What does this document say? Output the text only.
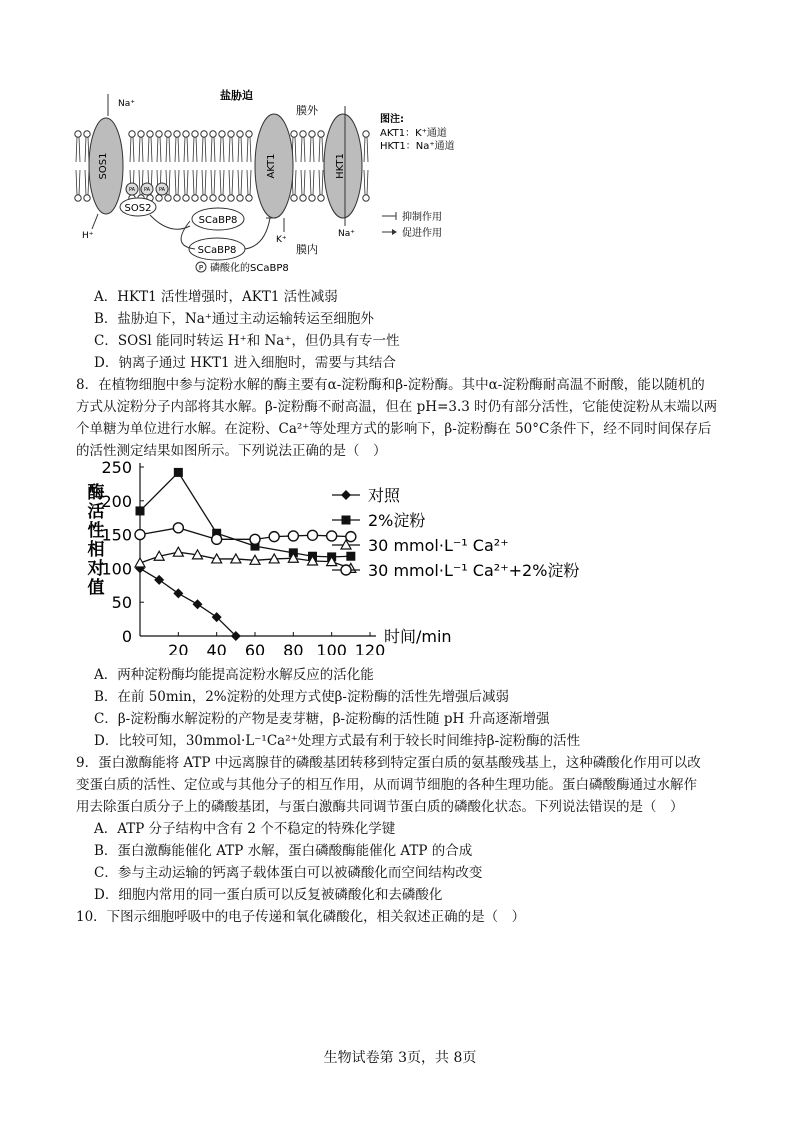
SOS1	AKT1	HKT1
PA PA PA
SOS2
SCaBP8
SCaBP8
P 磷酸化的SCaBP8
盐胁迫
膜外
膜内
Na⁺
H⁺	K⁺
Na⁺
图注:
AKT1：K⁺通道
HKT1：Na⁺通道
抑制作用
促进作用
A．HKT1 活性增强时，AKT1 活性减弱
B．盐胁迫下，Na⁺通过主动运输转运至细胞外
C．SOSl 能同时转运 H⁺和 Na⁺，但仍具有专一性
D．钠离子通过 HKT1 进入细胞时，需要与其结合
8．在植物细胞中参与淀粉水解的酶主要有α-淀粉酶和β-淀粉酶。其中α-淀粉酶耐高温不耐酸，能以随机的
方式从淀粉分子内部将其水解。β-淀粉酶不耐高温，但在 pH=3.3 时仍有部分活性，它能使淀粉从末端以两
个单糖为单位进行水解。在淀粉、Ca²⁺等处理方式的影响下，β-淀粉酶在 50°C条件下，经不同时间保存后
的活性测定结果如图所示。下列说法正确的是（　）
0
50
100
150
200
250
20 40 60 80 100 120
时间/min
酶
活
性
相
对
值
对照
2%淀粉
30 mmol·L⁻¹ Ca²⁺
30 mmol·L⁻¹ Ca²⁺+2%淀粉
A．两种淀粉酶均能提高淀粉水解反应的活化能
B．在前 50min，2%淀粉的处理方式使β-淀粉酶的活性先增强后减弱
C．β-淀粉酶水解淀粉的产物是麦芽糖，β-淀粉酶的活性随 pH 升高逐渐增强
D．比较可知，30mmol·L⁻¹Ca²⁺处理方式最有利于较长时间维持β-淀粉酶的活性
9．蛋白激酶能将 ATP 中远离腺苷的磷酸基团转移到特定蛋白质的氨基酸残基上，这种磷酸化作用可以改
变蛋白质的活性、定位或与其他分子的相互作用，从而调节细胞的各种生理功能。蛋白磷酸酶通过水解作
用去除蛋白质分子上的磷酸基团，与蛋白激酶共同调节蛋白质的磷酸化状态。下列说法错误的是（　）
A．ATP 分子结构中含有 2 个不稳定的特殊化学键
B．蛋白激酶能催化 ATP 水解，蛋白磷酸酶能催化 ATP 的合成
C．参与主动运输的钙离子载体蛋白可以被磷酸化而空间结构改变
D．细胞内常用的同一蛋白质可以反复被磷酸化和去磷酸化
10．下图示细胞呼吸中的电子传递和氧化磷酸化，相关叙述正确的是（　）
生物试卷第 3页，共 8页
